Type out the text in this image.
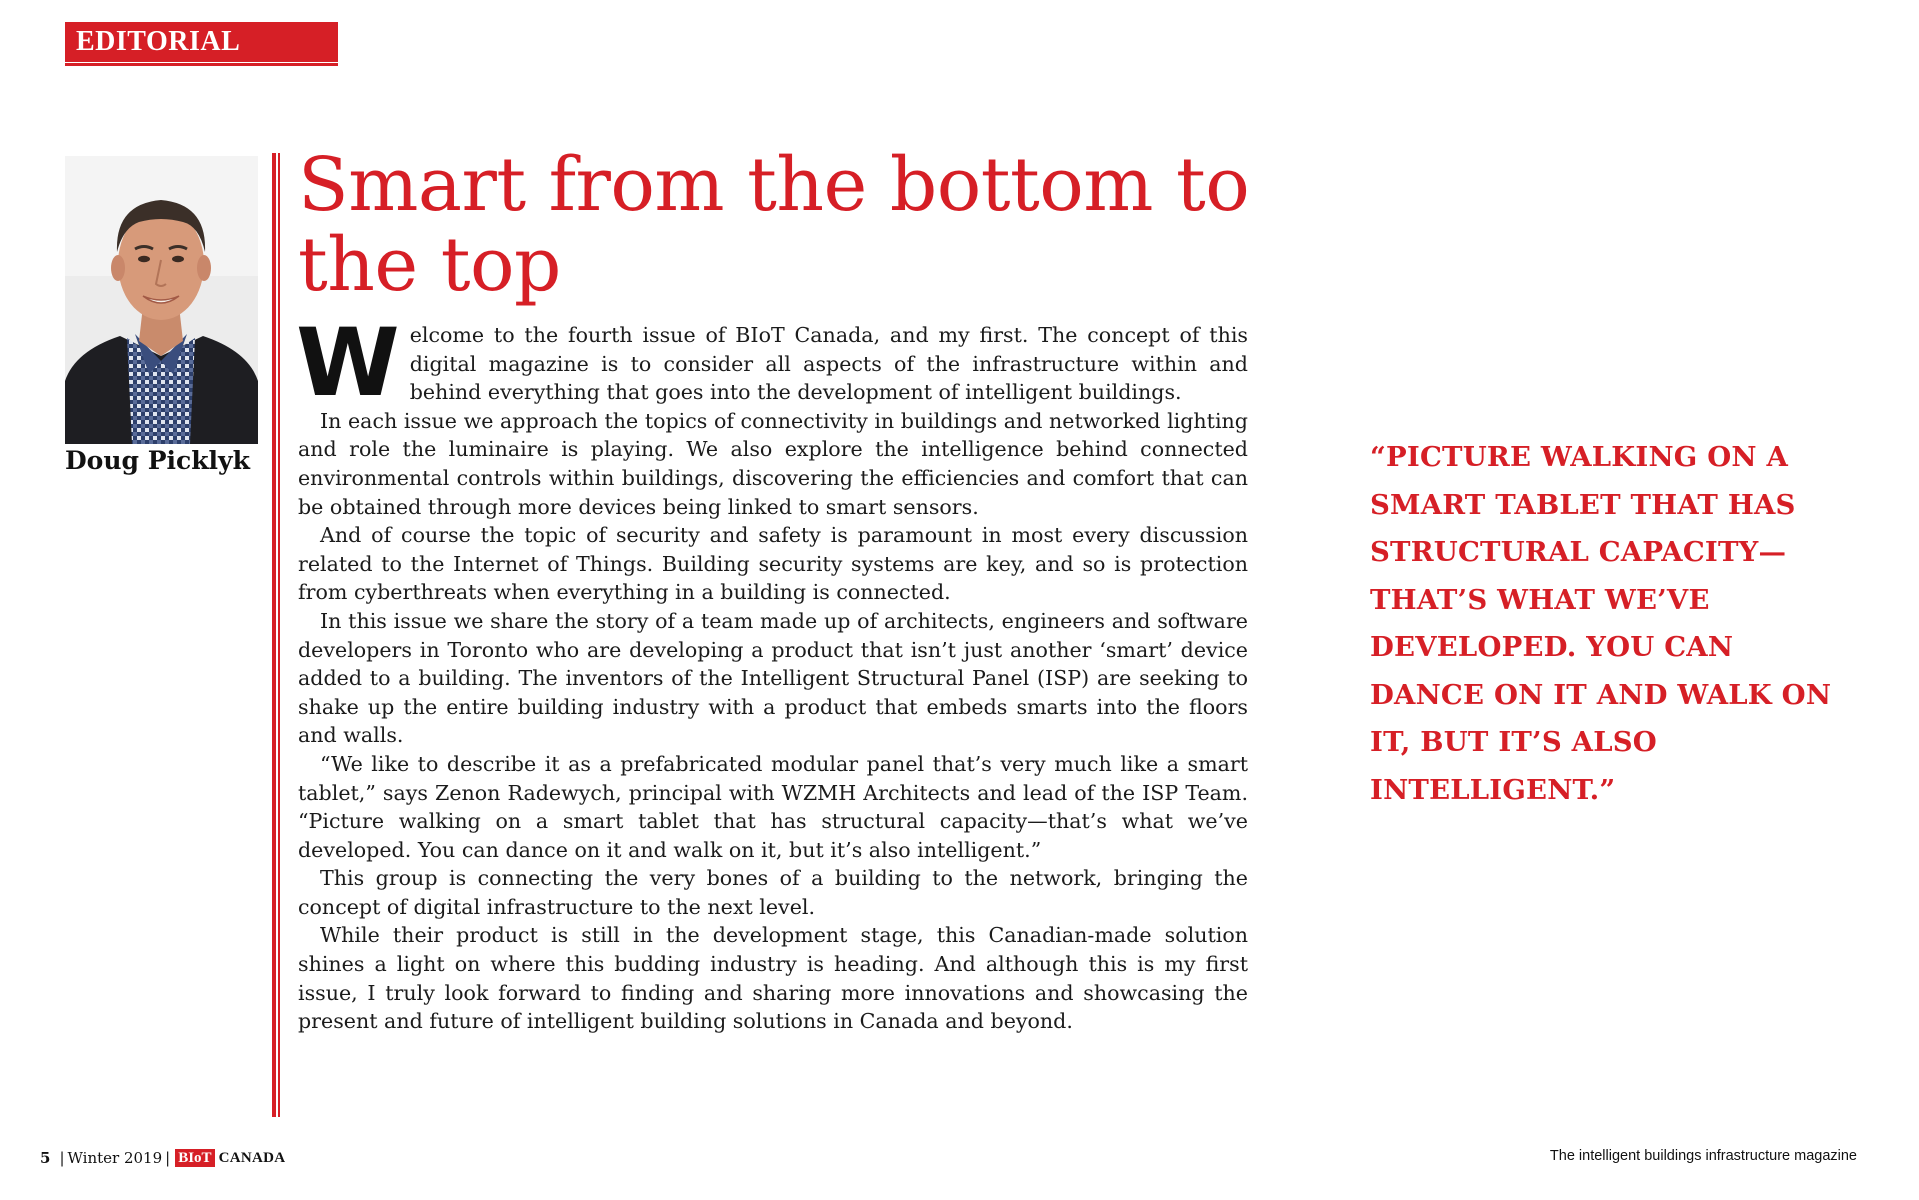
EDITORIAL
Doug Picklyk
Smart from the bottom to the top

Welcome to the fourth issue of BIoT Canada, and my first. The concept of this digital magazine is to consider all aspects of the infrastructure within and behind everything that goes into the development of intelligent buildings.

In each issue we approach the topics of connectivity in buildings and networked lighting and role the luminaire is playing. We also explore the intelligence behind connected environmental controls within buildings, discovering the efficiencies and comfort that can be obtained through more devices being linked to smart sensors.

And of course the topic of security and safety is paramount in most every discussion related to the Internet of Things. Building security systems are key, and so is protection from cyberthreats when everything in a building is connected.

In this issue we share the story of a team made up of architects, engineers and software developers in Toronto who are developing a product that isn’t just another ‘smart’ device added to a building. The inventors of the Intelligent Structural Panel (ISP) are seeking to shake up the entire building industry with a product that embeds smarts into the floors and walls.

“We like to describe it as a prefabricated modular panel that’s very much like a smart tablet,” says Zenon Radewych, principal with WZMH Architects and lead of the ISP Team. “Picture walking on a smart tablet that has structural capacity—that’s what we’ve developed. You can dance on it and walk on it, but it’s also intelligent.”

This group is connecting the very bones of a building to the network, bringing the concept of digital infrastructure to the next level.

While their product is still in the development stage, this Canadian-made solution shines a light on where this budding industry is heading. And although this is my first issue, I truly look forward to finding and sharing more innovations and showcasing the present and future of intelligent building solutions in Canada and beyond.

“PICTURE WALKING ON A SMART TABLET THAT HAS STRUCTURAL CAPACITY—THAT’S WHAT WE’VE DEVELOPED. YOU CAN DANCE ON IT AND WALK ON IT, BUT IT’S ALSO INTELLIGENT.”
5 | Winter 2019 | BIoT CANADA	The intelligent buildings infrastructure magazine
